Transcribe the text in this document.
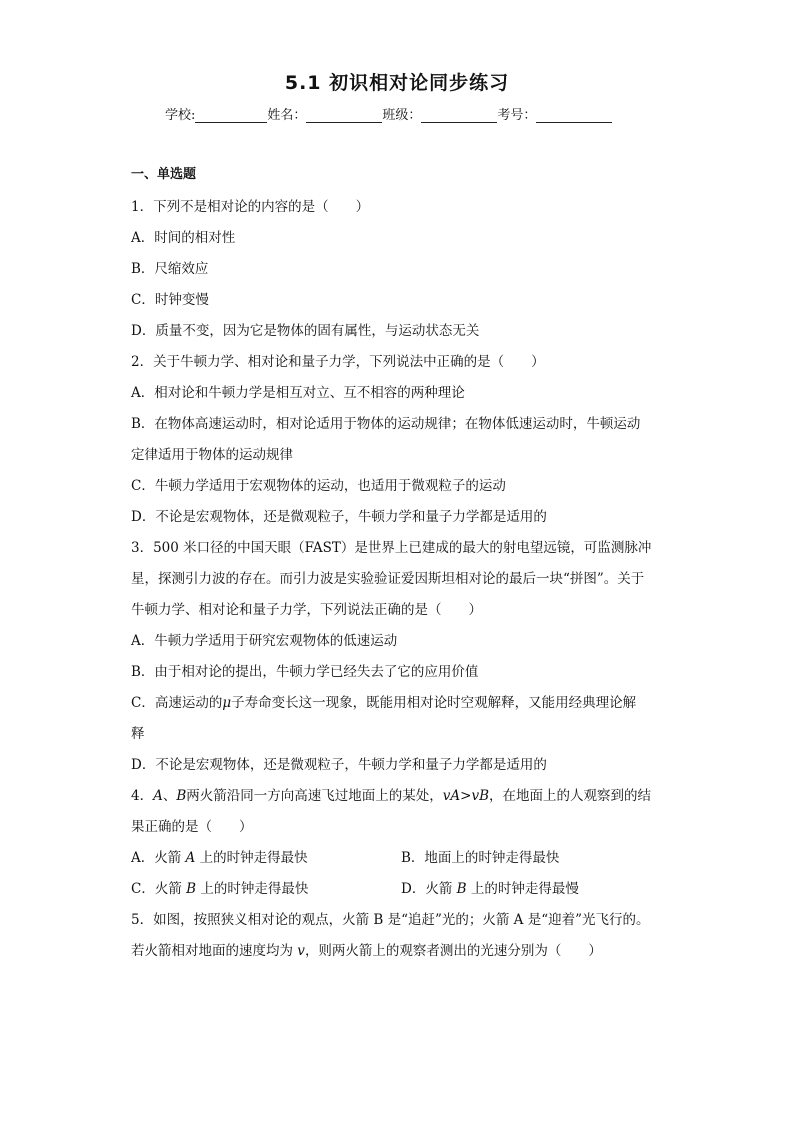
5.1 初识相对论同步练习
学校:	姓名：	班级：	考号：
一、单选题
1．下列不是相对论的内容的是（　　）
A．时间的相对性
B．尺缩效应
C．时钟变慢
D．质量不变，因为它是物体的固有属性，与运动状态无关
2．关于牛顿力学、相对论和量子力学，下列说法中正确的是（　　）
A．相对论和牛顿力学是相互对立、互不相容的两种理论
B．在物体高速运动时，相对论适用于物体的运动规律；在物体低速运动时，牛顿运动
定律适用于物体的运动规律
C．牛顿力学适用于宏观物体的运动，也适用于微观粒子的运动
D．不论是宏观物体，还是微观粒子，牛顿力学和量子力学都是适用的
3．500 米口径的中国天眼（FAST）是世界上已建成的最大的射电望远镜，可监测脉冲
星，探测引力波的存在。而引力波是实验验证爱因斯坦相对论的最后一块“拼图”。关于
牛顿力学、相对论和量子力学，下列说法正确的是（　　）
A．牛顿力学适用于研究宏观物体的低速运动
B．由于相对论的提出，牛顿力学已经失去了它的应用价值
C．高速运动的μ子寿命变长这一现象，既能用相对论时空观解释，又能用经典理论解
释
D．不论是宏观物体，还是微观粒子，牛顿力学和量子力学都是适用的
4．A、B两火箭沿同一方向高速飞过地面上的某处，vA>vB，在地面上的人观察到的结
果正确的是（　　）
A．火箭 A 上的时钟走得最快	B．地面上的时钟走得最快
C．火箭 B 上的时钟走得最快	D．火箭 B 上的时钟走得最慢
5．如图，按照狭义相对论的观点，火箭 B 是“追赶”光的；火箭 A 是“迎着”光飞行的。
若火箭相对地面的速度均为 v，则两火箭上的观察者测出的光速分别为（　　）
